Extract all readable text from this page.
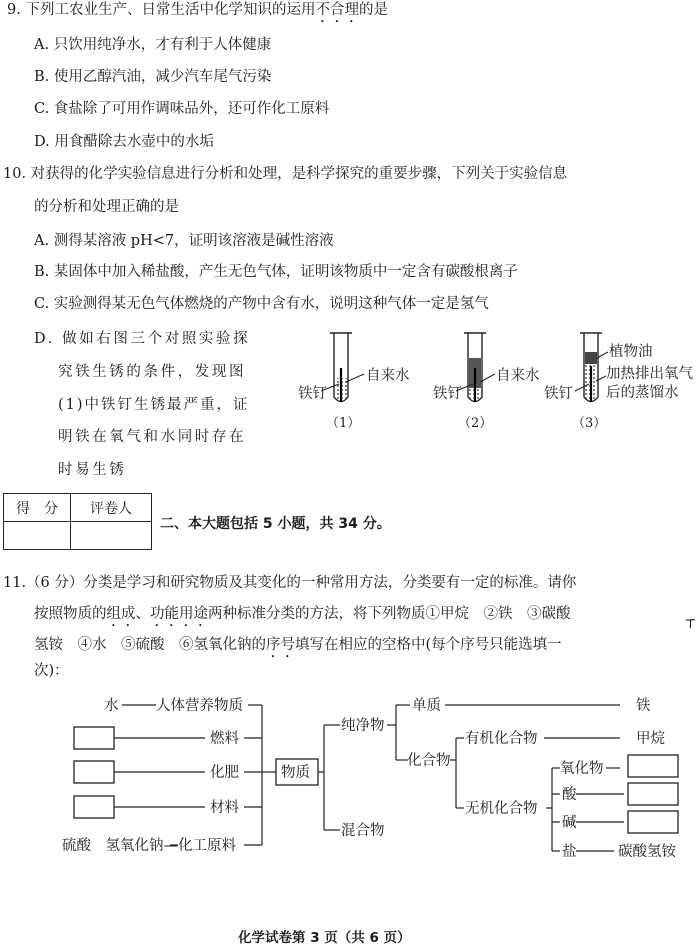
9. 下列工农业生产、日常生活中化学知识的运用不合理的是
A. 只饮用纯净水，才有利于人体健康
B. 使用乙醇汽油，减少汽车尾气污染
C. 食盐除了可用作调味品外，还可作化工原料
D. 用食醋除去水壶中的水垢
10. 对获得的化学实验信息进行分析和处理，是科学探究的重要步骤，下列关于实验信息
的分析和处理正确的是
A. 测得某溶液 pH<7，证明该溶液是碱性溶液
B. 某固体中加入稀盐酸，产生无色气体，证明该物质中一定含有碳酸根离子
C. 实验测得某无色气体燃烧的产物中含有水，说明这种气体一定是氢气
D. 做如右图三个对照实验探
究铁生锈的条件，发现图
(1)中铁钉生锈最严重，证
明铁在氧气和水同时存在
时易生锈
铁钉
自来水
（1）
铁钉
自来水
（2）
铁钉
植物油
加热排出氧气
后的蒸馏水
（3）
得　分	评卷人

二、本大题包括 5 小题，共 34 分。
11.（6 分）分类是学习和研究物质及其变化的一种常用方法，分类要有一定的标准。请你
按照物质的组成、功能用途两种标准分类的方法，将下列物质①甲烷　②铁　③碳酸
氢铵　④水　⑤硫酸　⑥氢氧化钠的序号填写在相应的空格中(每个序号只能选填一
次)：
ㄒ
水	人体营养物质
燃料
化肥
材料
硫酸　氢氧化钠—化工原料
物质
纯净物
混合物
单质	铁
化合物
有机化合物	甲烷
无机化合物
氧化物
酸
碱
盐	碳酸氢铵
化学试卷第 3 页（共 6 页）
